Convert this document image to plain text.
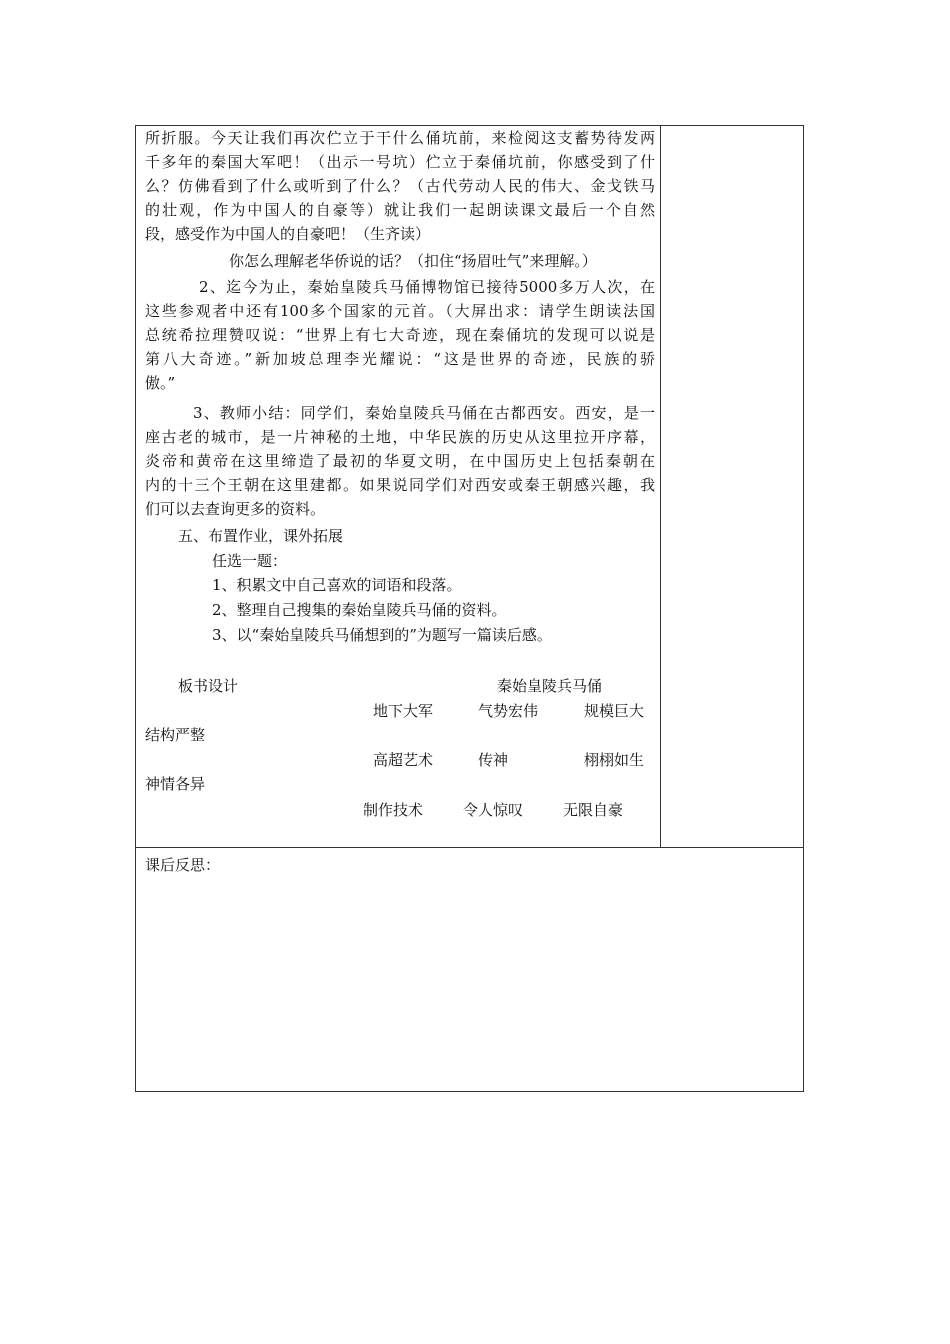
所折服。今天让我们再次伫立于干什么俑坑前，来检阅这支蓄势待发两
千多年的秦国大军吧！（出示一号坑）伫立于秦俑坑前，你感受到了什
么？仿佛看到了什么或听到了什么？（古代劳动人民的伟大、金戈铁马
的壮观，作为中国人的自豪等）就让我们一起朗读课文最后一个自然
段，感受作为中国人的自豪吧！（生齐读）
你怎么理解老华侨说的话？（扣住“扬眉吐气”来理解。）
2、迄今为止，秦始皇陵兵马俑博物馆已接待5000多万人次，在
这些参观者中还有100多个国家的元首。（大屏出求：请学生朗读法国
总统希拉理赞叹说：“世界上有七大奇迹，现在秦俑坑的发现可以说是
第八大奇迹。”新加坡总理李光耀说：“这是世界的奇迹，民族的骄
傲。”
3、教师小结：同学们，秦始皇陵兵马俑在古都西安。西安，是一
座古老的城市，是一片神秘的土地，中华民族的历史从这里拉开序幕，
炎帝和黄帝在这里缔造了最初的华夏文明，在中国历史上包括秦朝在
内的十三个王朝在这里建都。如果说同学们对西安或秦王朝感兴趣，我
们可以去查询更多的资料。
五、布置作业，课外拓展
任选一题：
1、积累文中自己喜欢的词语和段落。
2、整理自己搜集的秦始皇陵兵马俑的资料。
3、以“秦始皇陵兵马俑想到的”为题写一篇读后感。
板书设计	秦始皇陵兵马俑
地下大军	气势宏伟	规模巨大
结构严整
高超艺术	传神	栩栩如生
神情各异
制作技术	令人惊叹	无限自豪
课后反思：
